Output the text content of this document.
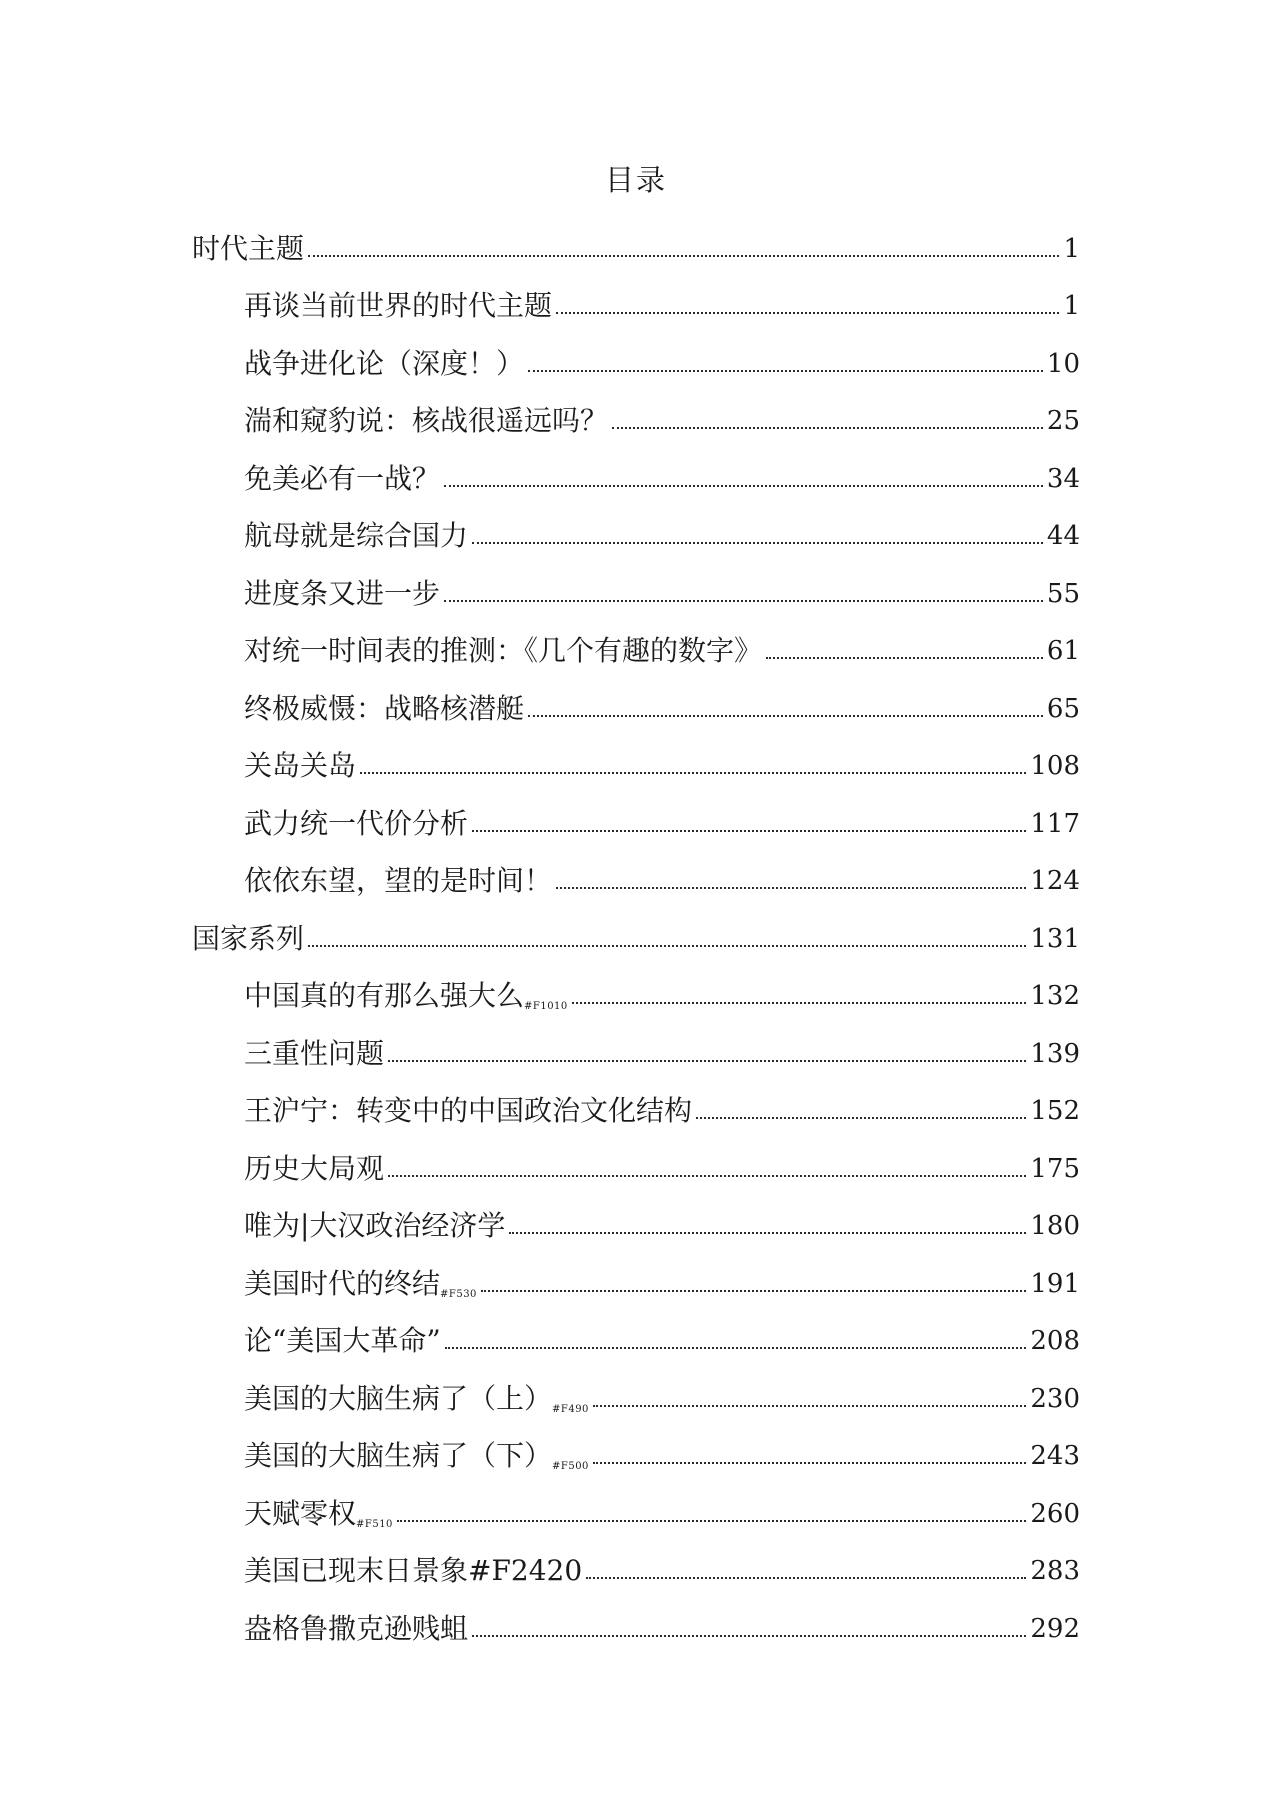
目录
时代主题	1
再谈当前世界的时代主题	1
战争进化论（深度！）	10
湍和窥豹说：核战很遥远吗？	25
免美必有一战？	34
航母就是综合国力	44
进度条又进一步	55
对统一时间表的推测：《几个有趣的数字》	61
终极威慑：战略核潜艇	65
关岛关岛	108
武力统一代价分析	117
依依东望，望的是时间！	124
国家系列	131
中国真的有那么强大么 #F1010	132
三重性问题	139
王沪宁：转变中的中国政治文化结构	152
历史大局观	175
唯为|大汉政治经济学	180
美国时代的终结 #F530	191
论“美国大革命”	208
美国的大脑生病了（上） #F490	230
美国的大脑生病了（下） #F500	243
天赋零权 #F510	260
美国已现末日景象#F2420	283
盎格鲁撒克逊贱蛆	292
